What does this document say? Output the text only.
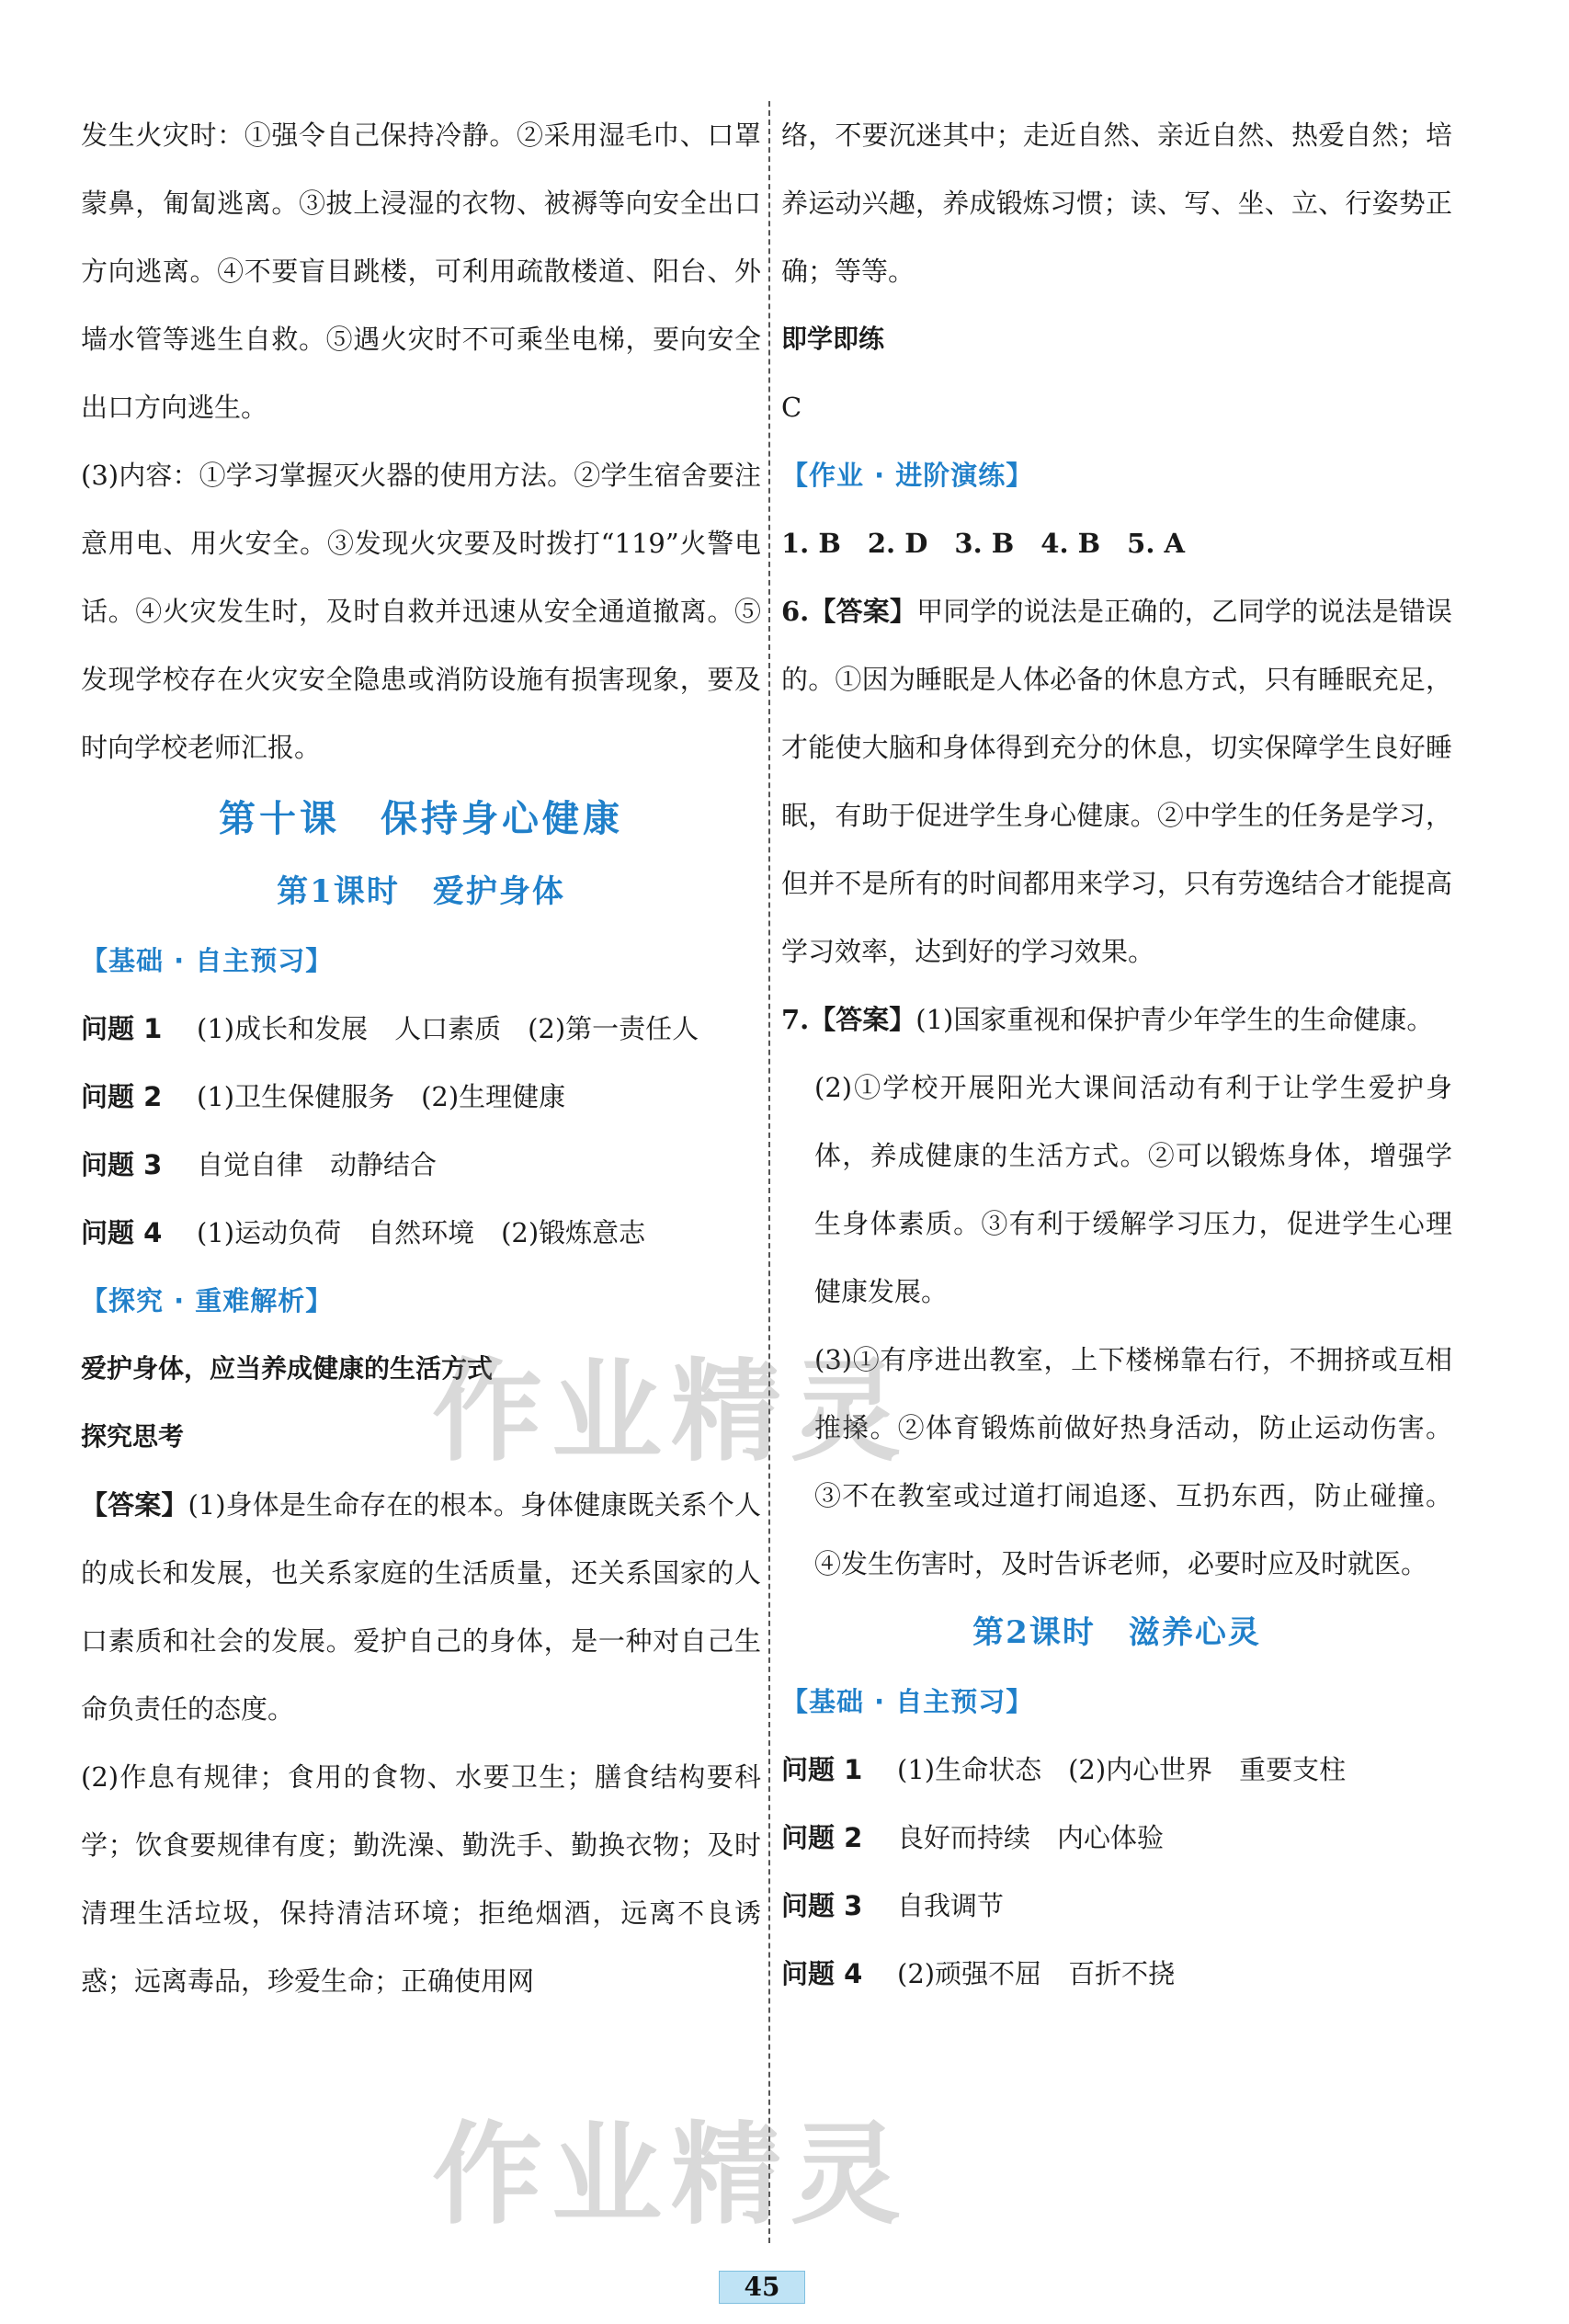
发生火灾时：①强令自己保持冷静。②采用湿毛巾、口罩蒙鼻，匍匐逃离。③披上浸湿的衣物、被褥等向安全出口方向逃离。④不要盲目跳楼，可利用疏散楼道、阳台、外墙水管等逃生自救。⑤遇火灾时不可乘坐电梯，要向安全出口方向逃生。

(3)内容：①学习掌握灭火器的使用方法。②学生宿舍要注意用电、用火安全。③发现火灾要及时拨打“119”火警电话。④火灾发生时，及时自救并迅速从安全通道撤离。⑤发现学校存在火灾安全隐患或消防设施有损害现象，要及时向学校老师汇报。

第十课　保持身心健康
第1课时　爱护身体
【基础 · 自主预习】
问题 1	(1)成长和发展　人口素质　(2)第一责任人
问题 2	(1)卫生保健服务　(2)生理健康
问题 3	自觉自律　动静结合
问题 4	(1)运动负荷　自然环境　(2)锻炼意志
【探究 · 重难解析】
爱护身体，应当养成健康的生活方式
探究思考

【答案】(1)身体是生命存在的根本。身体健康既关系个人的成长和发展，也关系家庭的生活质量，还关系国家的人口素质和社会的发展。爱护自己的身体，是一种对自己生命负责任的态度。

(2)作息有规律；食用的食物、水要卫生；膳食结构要科学；饮食要规律有度；勤洗澡、勤洗手、勤换衣物；及时清理生活垃圾，保持清洁环境；拒绝烟酒，远离不良诱惑；远离毒品，珍爱生命；正确使用网

络，不要沉迷其中；走近自然、亲近自然、热爱自然；培养运动兴趣，养成锻炼习惯；读、写、坐、立、行姿势正确；等等。

即学即练

C

【作业 · 进阶演练】

1. B　2. D　3. B　4. B　5. A

6.【答案】甲同学的说法是正确的，乙同学的说法是错误的。①因为睡眠是人体必备的休息方式，只有睡眠充足，才能使大脑和身体得到充分的休息，切实保障学生良好睡眠，有助于促进学生身心健康。②中学生的任务是学习，但并不是所有的时间都用来学习，只有劳逸结合才能提高学习效率，达到好的学习效果。

7.【答案】(1)国家重视和保护青少年学生的生命健康。

(2)①学校开展阳光大课间活动有利于让学生爱护身体，养成健康的生活方式。②可以锻炼身体，增强学生身体素质。③有利于缓解学习压力，促进学生心理健康发展。

(3)①有序进出教室，上下楼梯靠右行，不拥挤或互相推搡。②体育锻炼前做好热身活动，防止运动伤害。③不在教室或过道打闹追逐、互扔东西，防止碰撞。④发生伤害时，及时告诉老师，必要时应及时就医。

第2课时　滋养心灵
【基础 · 自主预习】
问题 1	(1)生命状态　(2)内心世界　重要支柱
问题 2	良好而持续　内心体验
问题 3	自我调节
问题 4	(2)顽强不屈　百折不挠
作业精灵
作业精灵
45
